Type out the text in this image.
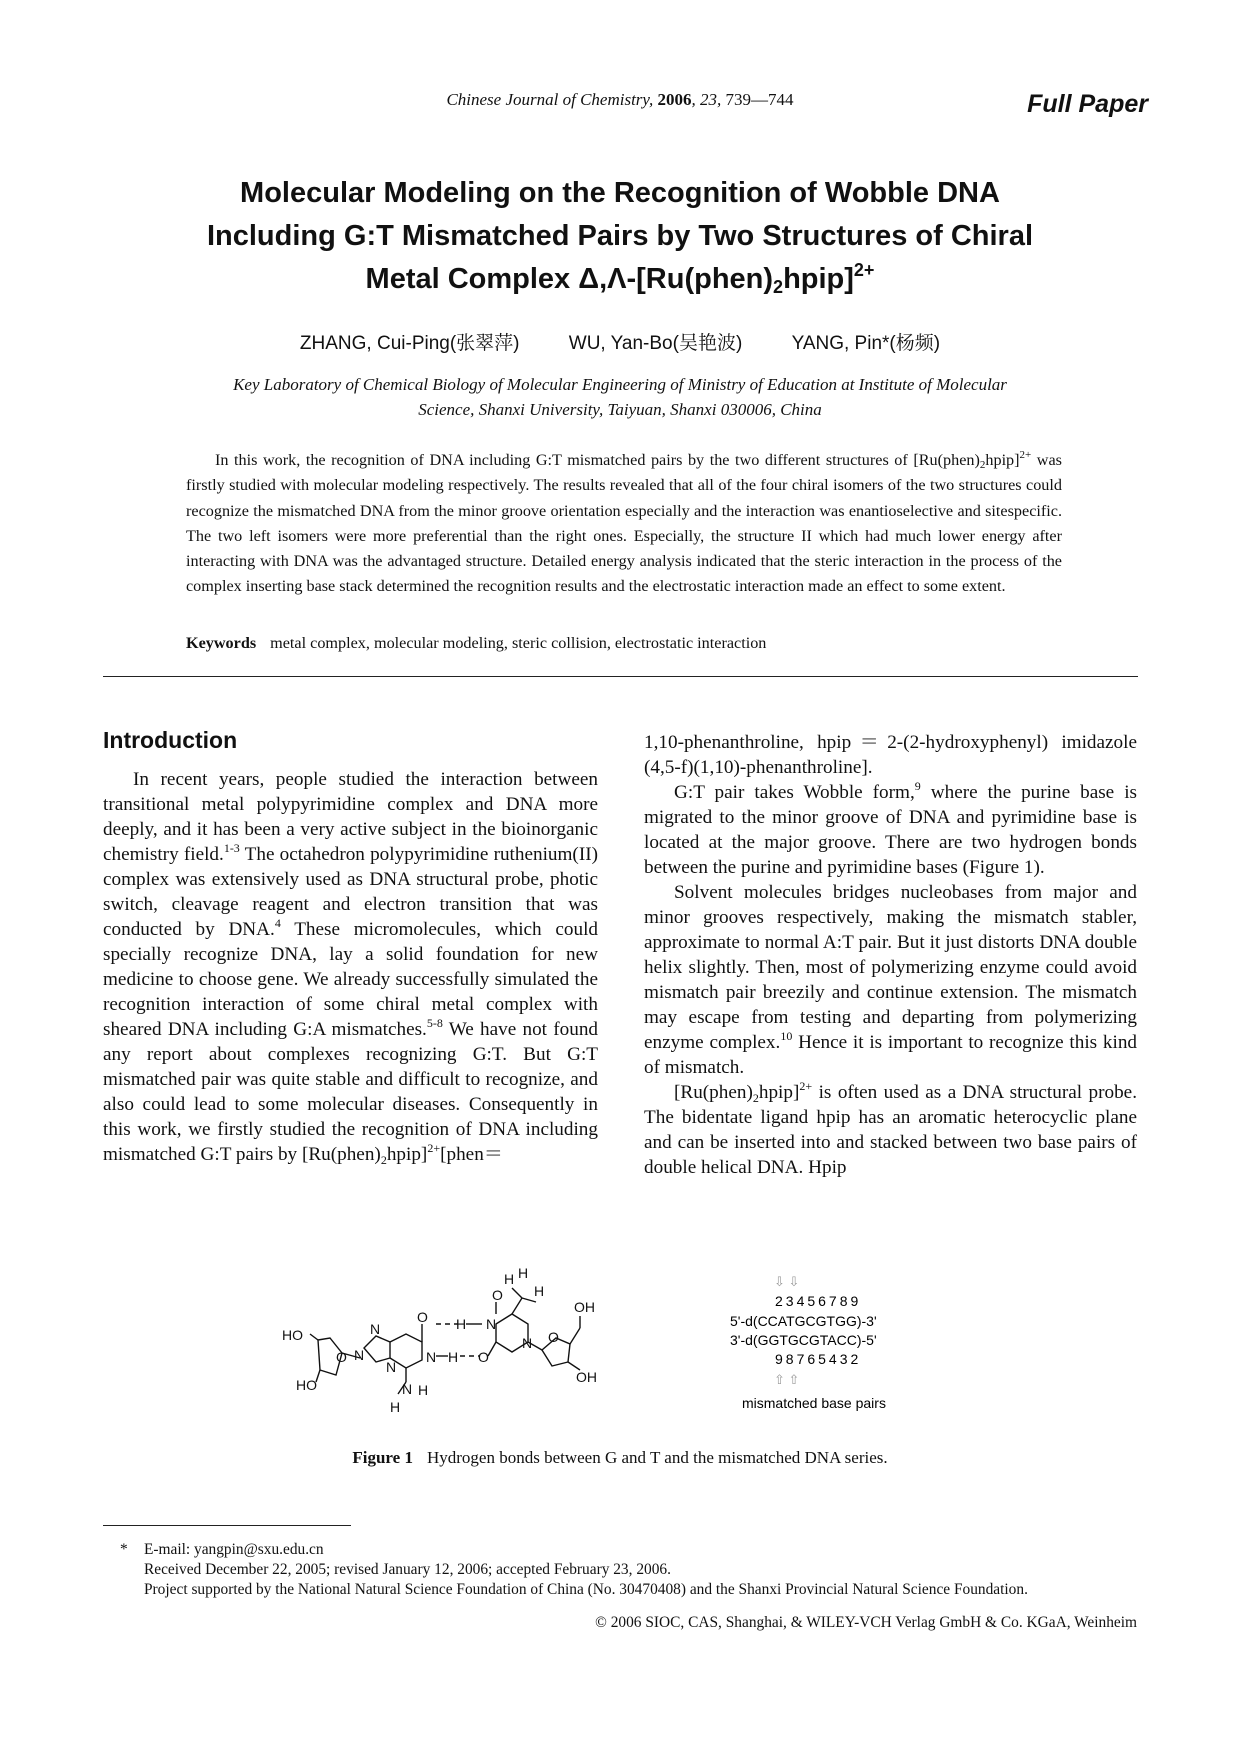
Chinese Journal of Chemistry, 2006, 23, 739—744	Full Paper
Molecular Modeling on the Recognition of Wobble DNA
Including G:T Mismatched Pairs by Two Structures of Chiral
Metal Complex $\Delta,\Lambda-[Ru(phen)_2hpip]^{2+}$
ZHANG, Cui-Ping(张翠萍)	WU, Yan-Bo(吴艳波)	YANG, Pin*(杨频)
Key Laboratory of Chemical Biology of Molecular Engineering of Ministry of Education at Institute of Molecular
Science, Shanxi University, Taiyuan, Shanxi 030006, China
In this work, the recognition of DNA including G:T mismatched pairs by the two different structures of $[Ru(phen)_2hpip]^{2+}$ was firstly studied with molecular modeling respectively. The results revealed that all of the four chiral isomers of the two structures could recognize the mismatched DNA from the minor groove orientation especially and the interaction was enantioselective and sitespecific. The two left isomers were more preferential than the right ones. Especially, the structure II which had much lower energy after interacting with DNA was the advantaged structure. Detailed energy analysis indicated that the steric interaction in the process of the complex inserting base stack determined the recognition results and the electrostatic interaction made an effect to some extent.
Keywords metal complex, molecular modeling, steric collision, electrostatic interaction
Introduction

In recent years, people studied the interaction between transitional metal polypyrimidine complex and DNA more deeply, and it has been a very active subject in the bioinorganic chemistry field.$^{1-3}$ The octahedron polypyrimidine ruthenium(II) complex was extensively used as DNA structural probe, photic switch, cleavage reagent and electron transition that was conducted by DNA.$^4$ These micromolecules, which could specially recognize DNA, lay a solid foundation for new medicine to choose gene. We already successfully simulated the recognition interaction of some chiral metal complex with sheared DNA including G:A mismatches.$^{5-8}$ We have not found any report about complexes recognizing G:T. But G:T mismatched pair was quite stable and difficult to recognize, and also could lead to some molecular diseases. Consequently in this work, we firstly studied the recognition of DNA including mismatched G:T pairs by $[Ru(phen)_2hpip]^{2+}[phen=$

1,10-phenanthroline, hpip＝2-(2-hydroxyphenyl) imidazole (4,5-f)(1,10)-phenanthroline].

G:T pair takes Wobble form,$^9$ where the purine base is migrated to the minor groove of DNA and pyrimidine base is located at the major groove. There are two hydrogen bonds between the purine and pyrimidine bases (Figure 1).

Solvent molecules bridges nucleobases from major and minor grooves respectively, making the mismatch stabler, approximate to normal A:T pair. But it just distorts DNA double helix slightly. Then, most of polymerizing enzyme could avoid mismatch pair breezily and continue extension. The mismatch may escape from testing and departing from polymerizing enzyme complex.$^{10}$ Hence it is important to recognize this kind of mismatch.

$[Ru(phen)_2hpip]^{2+}$ is often used as a DNA structural probe. The bidentate ligand hpip has an aromatic heterocyclic plane and can be inserted into and stacked between two base pairs of double helical DNA. Hpip

HO
HO
O
N
N
N
O
N H
H N
O
O
N
H H
H
O
OH
OH
N H
H
⇩ ⇩
23456789
5'-d(CCATGCGTGG)-3'
3'-d(GGTGCGTACC)-5'
98765432
⇧ ⇧
mismatched base pairs
Figure 1 Hydrogen bonds between G and T and the mismatched DNA series.
* E-mail: yangpin@sxu.edu.cn
Received December 22, 2005; revised January 12, 2006; accepted February 23, 2006.
Project supported by the National Natural Science Foundation of China (No. 30470408) and the Shanxi Provincial Natural Science Foundation.
© 2006 SIOC, CAS, Shanghai, & WILEY-VCH Verlag GmbH & Co. KGaA, Weinheim
